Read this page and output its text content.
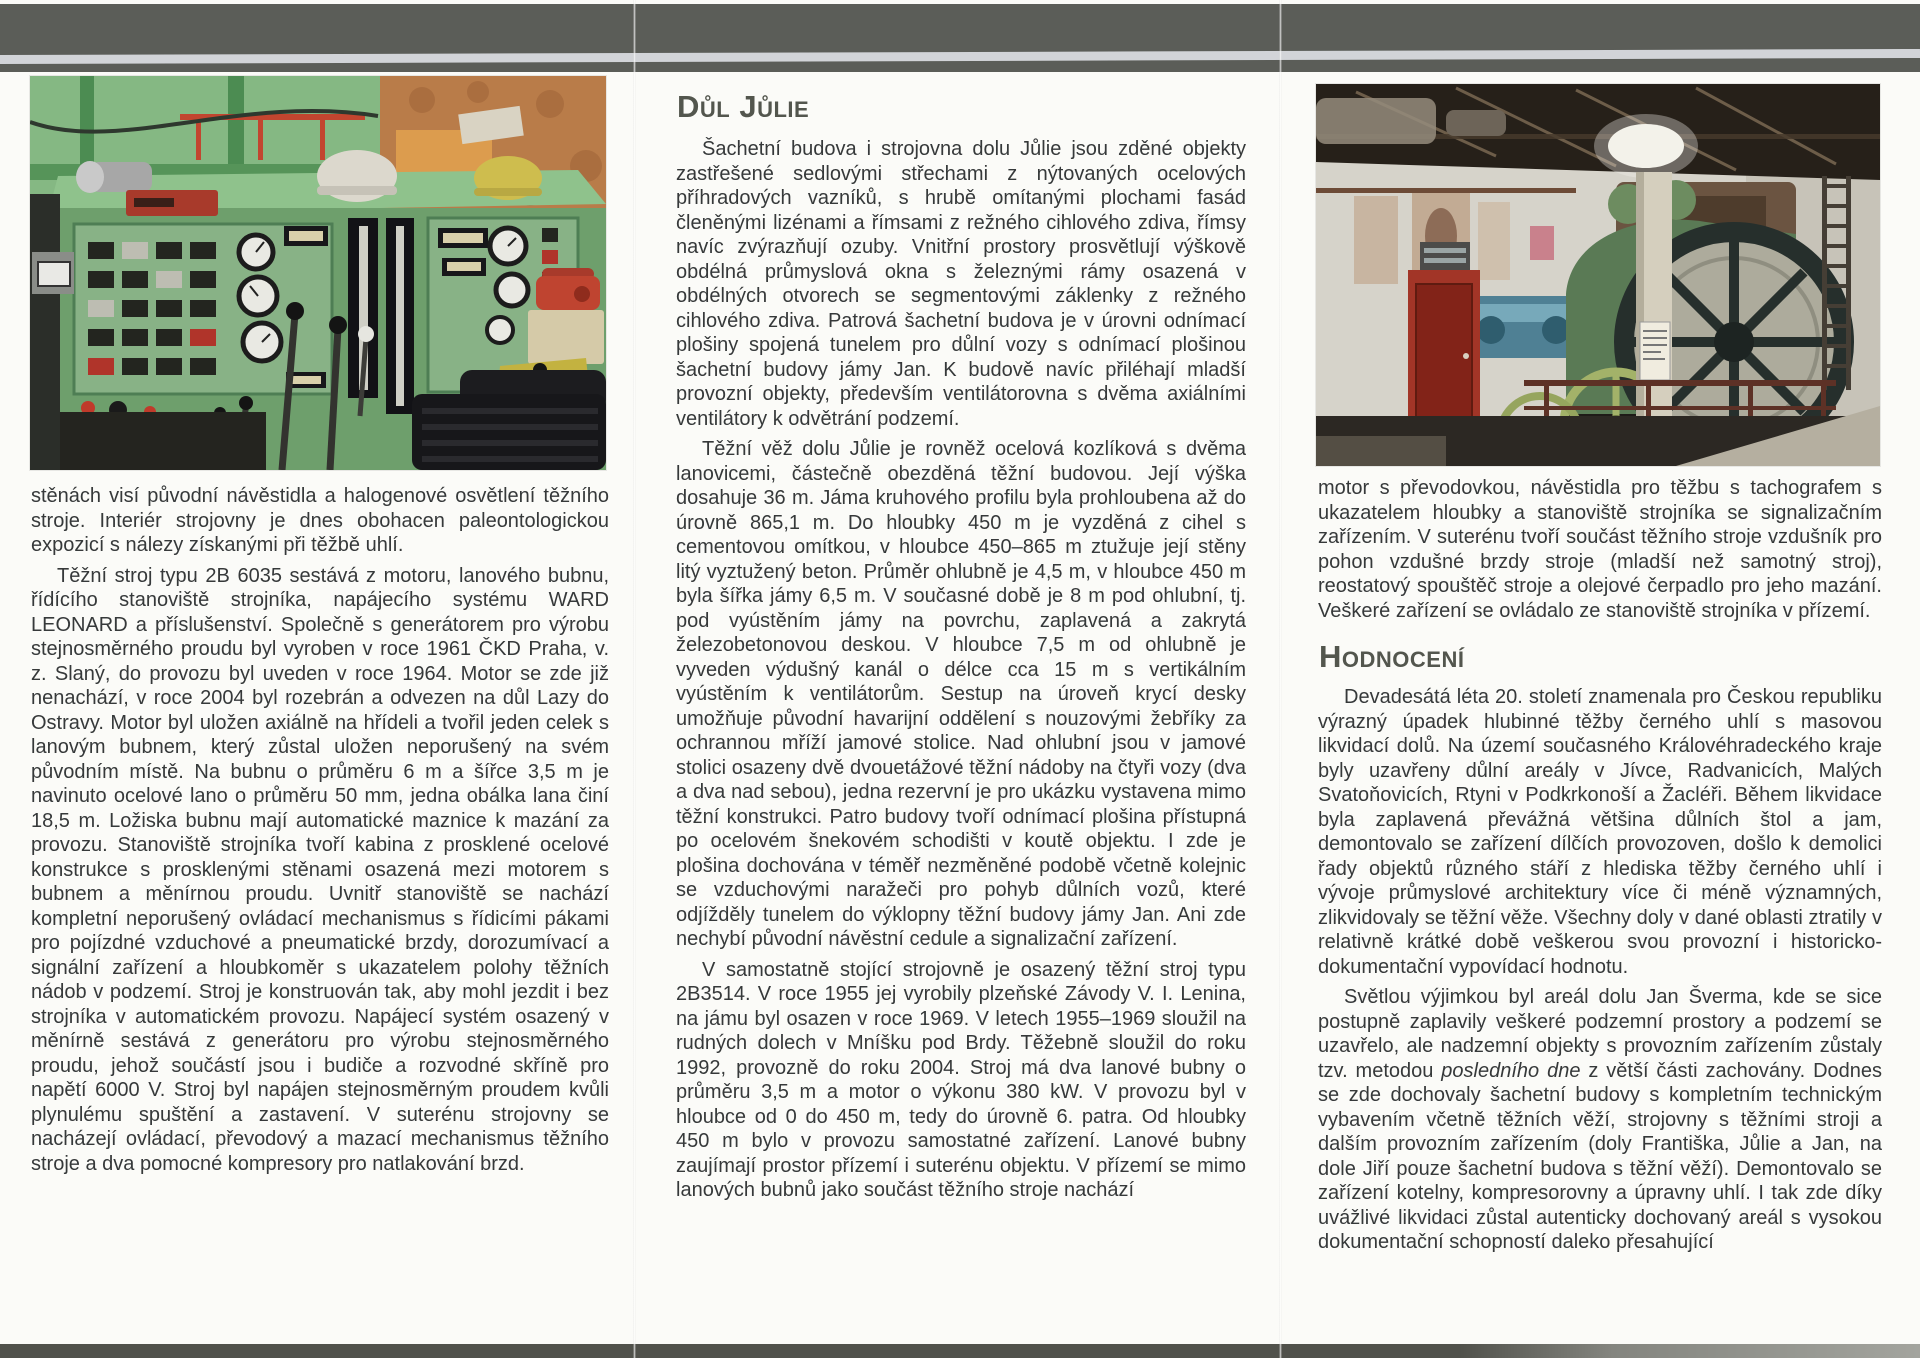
stěnách visí původní návěstidla a halogenové osvětlení těžního stroje. Interiér strojovny je dnes obohacen paleontologickou expozicí s nálezy získanými při těžbě uhlí.

Těžní stroj typu 2B 6035 sestává z motoru, lanového bubnu, řídícího stanoviště strojníka, napájecího systému WARD LEONARD a příslušenství. Společně s generátorem pro výrobu stejnosměrného proudu byl vyroben v roce 1961 ČKD Praha, v. z. Slaný, do provozu byl uveden v roce 1964. Motor se zde již nenachází, v roce 2004 byl rozebrán a odvezen na důl Lazy do Ostravy. Motor byl uložen axiálně na hřídeli a tvořil jeden celek s lanovým bubnem, který zůstal uložen neporušený na svém původním místě. Na bubnu o průměru 6 m a šířce 3,5 m je navinuto ocelové lano o průměru 50 mm, jedna obálka lana činí 18,5 m. Ložiska bubnu mají automatické maznice k mazání za provozu. Stanoviště strojníka tvoří kabina z prosklené ocelové konstrukce s prosklenými stěnami osazená mezi motorem s bubnem a měnírnou proudu. Uvnitř stanoviště se nachází kompletní neporušený ovládací mechanismus s řídicími pákami pro pojízdné vzduchové a pneumatické brzdy, dorozumívací a signální zařízení a hloubkoměr s ukazatelem polohy těžních nádob v podzemí. Stroj je konstruován tak, aby mohl jezdit i bez strojníka v automatickém provozu. Napájecí systém osazený v měnírně sestává z generátoru pro výrobu stejnosměrného proudu, jehož součástí jsou i budiče a rozvodné skříně pro napětí 6000 V. Stroj byl napájen stejnosměrným proudem kvůli plynulému spuštění a zastavení. V suterénu strojovny se nacházejí ovládací, převodový a mazací mechanismus těžního stroje a dva pomocné kompresory pro natlakování brzd.

Důl Jůlie

Šachetní budova i strojovna dolu Jůlie jsou zděné objekty zastřešené sedlovými střechami z nýtovaných ocelových příhradových vazníků, s hrubě omítanými plochami fasád členěnými lizénami a římsami z režného cihlového zdiva, římsy navíc zvýrazňují ozuby. Vnitřní prostory prosvětlují výškově obdélná průmyslová okna s železnými rámy osazená v obdélných otvorech se segmentovými záklenky z režného cihlového zdiva. Patrová šachetní budova je v úrovni odnímací plošiny spojená tunelem pro důlní vozy s odnímací plošinou šachetní budovy jámy Jan. K budově navíc přiléhají mladší provozní objekty, především ventilátorovna s dvěma axiálními ventilátory k odvětrání podzemí.

Těžní věž dolu Jůlie je rovněž ocelová kozlíková s dvěma lanovicemi, částečně obezděná těžní budovou. Její výška dosahuje 36 m. Jáma kruhového profilu byla prohloubena až do úrovně 865,1 m. Do hloubky 450 m je vyzděná z cihel s cementovou omítkou, v hloubce 450–865 m ztužuje její stěny litý vyztužený beton. Průměr ohlubně je 4,5 m, v hloubce 450 m byla šířka jámy 6,5 m. V současné době je 8 m pod ohlubní, tj. pod vyústěním jámy na povrchu, zaplavená a zakrytá železobetonovou deskou. V hloubce 7,5 m od ohlubně je vyveden výdušný kanál o délce cca 15 m s vertikálním vyústěním k ventilátorům. Sestup na úroveň krycí desky umožňuje původní havarijní oddělení s nouzovými žebříky za ochrannou mříží jamové stolice. Nad ohlubní jsou v jamové stolici osazeny dvě dvouetážové těžní nádoby na čtyři vozy (dva a dva nad sebou), jedna rezervní je pro ukázku vystavena mimo těžní konstrukci. Patro budovy tvoří odnímací plošina přístupná po ocelovém šnekovém schodišti v koutě objektu. I zde je plošina dochována v téměř nezměněné podobě včetně kolejnic se vzduchovými naražeči pro pohyb důlních vozů, které odjížděly tunelem do výklopny těžní budovy jámy Jan. Ani zde nechybí původní návěstní cedule a signalizační zařízení.

V samostatně stojící strojovně je osazený těžní stroj typu 2B3514. V roce 1955 jej vyrobily plzeňské Závody V. I. Lenina, na jámu byl osazen v roce 1969. V letech 1955–1969 sloužil na rudných dolech v Mníšku pod Brdy. Těžebně sloužil do roku 1992, provozně do roku 2004. Stroj má dva lanové bubny o průměru 3,5 m a motor o výkonu 380 kW. V provozu byl v hloubce od 0 do 450 m, tedy do úrovně 6. patra. Od hloubky 450 m bylo v provozu samostatné zařízení. Lanové bubny zaujímají prostor přízemí i suterénu objektu. V přízemí se mimo lanových bubnů jako součást těžního stroje nachází

motor s převodovkou, návěstidla pro těžbu s tachografem s ukazatelem hloubky a stanoviště strojníka se signalizačním zařízením. V suterénu tvoří součást těžního stroje vzdušník pro pohon vzdušné brzdy stroje (mladší než samotný stroj), reostatový spouštěč stroje a olejové čerpadlo pro jeho mazání. Veškeré zařízení se ovládalo ze stanoviště strojníka v přízemí.

Hodnocení

Devadesátá léta 20. století znamenala pro Českou republiku výrazný úpadek hlubinné těžby černého uhlí s masovou likvidací dolů. Na území současného Královéhradeckého kraje byly uzavřeny důlní areály v Jívce, Radvanicích, Malých Svatoňovicích, Rtyni v Podkrkonoší a Žacléři. Během likvidace byla zaplavená převážná většina důlních štol a jam, demontovalo se zařízení dílčích provozoven, došlo k demolici řady objektů různého stáří z hlediska těžby černého uhlí i vývoje průmyslové architektury více či méně významných, zlikvidovaly se těžní věže. Všechny doly v dané oblasti ztratily v relativně krátké době veškerou svou provozní i historicko-dokumentační vypovídací hodnotu.

Světlou výjimkou byl areál dolu Jan Šverma, kde se sice postupně zaplavily veškeré podzemní prostory a podzemí se uzavřelo, ale nadzemní objekty s provozním zařízením zůstaly tzv. metodou posledního dne z větší části zachovány. Dodnes se zde dochovaly šachetní budovy s kompletním technickým vybavením včetně těžních věží, strojovny s těžními stroji a dalším provozním zařízením (doly Františka, Jůlie a Jan, na dole Jiří pouze šachetní budova s těžní věží). Demontovalo se zařízení kotelny, kompresorovny a úpravny uhlí. I tak zde díky uvážlivé likvidaci zůstal autenticky dochovaný areál s vysokou dokumentační schopností daleko přesahující
